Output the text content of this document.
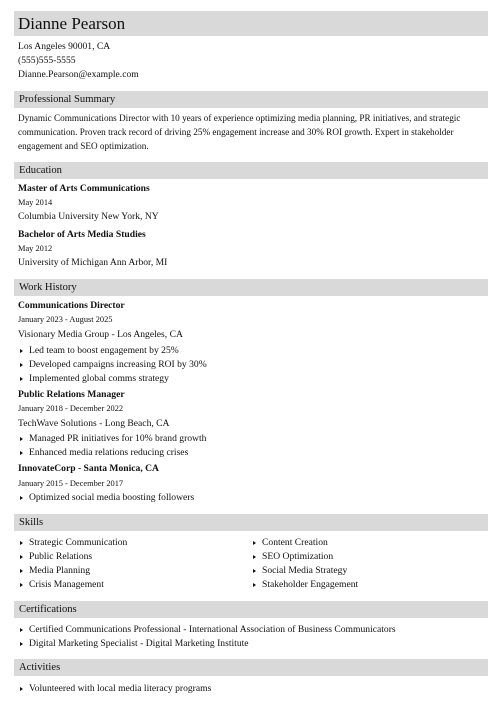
Dianne Pearson
Los Angeles 90001, CA
(555)555-5555
Dianne.Pearson@example.com
Professional Summary
Dynamic Communications Director with 10 years of experience optimizing media planning, PR initiatives, and strategic communication. Proven track record of driving 25% engagement increase and 30% ROI growth. Expert in stakeholder engagement and SEO optimization.
Education
Master of Arts Communications
May 2014
Columbia University New York, NY
Bachelor of Arts Media Studies
May 2012
University of Michigan Ann Arbor, MI
Work History
Communications Director
January 2023 - August 2025
Visionary Media Group - Los Angeles, CA
Led team to boost engagement by 25%
Developed campaigns increasing ROI by 30%
Implemented global comms strategy
Public Relations Manager
January 2018 - December 2022
TechWave Solutions - Long Beach, CA
Managed PR initiatives for 10% brand growth
Enhanced media relations reducing crises
InnovateCorp - Santa Monica, CA
January 2015 - December 2017
Optimized social media boosting followers
Skills
Strategic Communication
Public Relations
Media Planning
Crisis Management
Content Creation
SEO Optimization
Social Media Strategy
Stakeholder Engagement
Certifications
Certified Communications Professional - International Association of Business Communicators
Digital Marketing Specialist - Digital Marketing Institute
Activities
Volunteered with local media literacy programs
